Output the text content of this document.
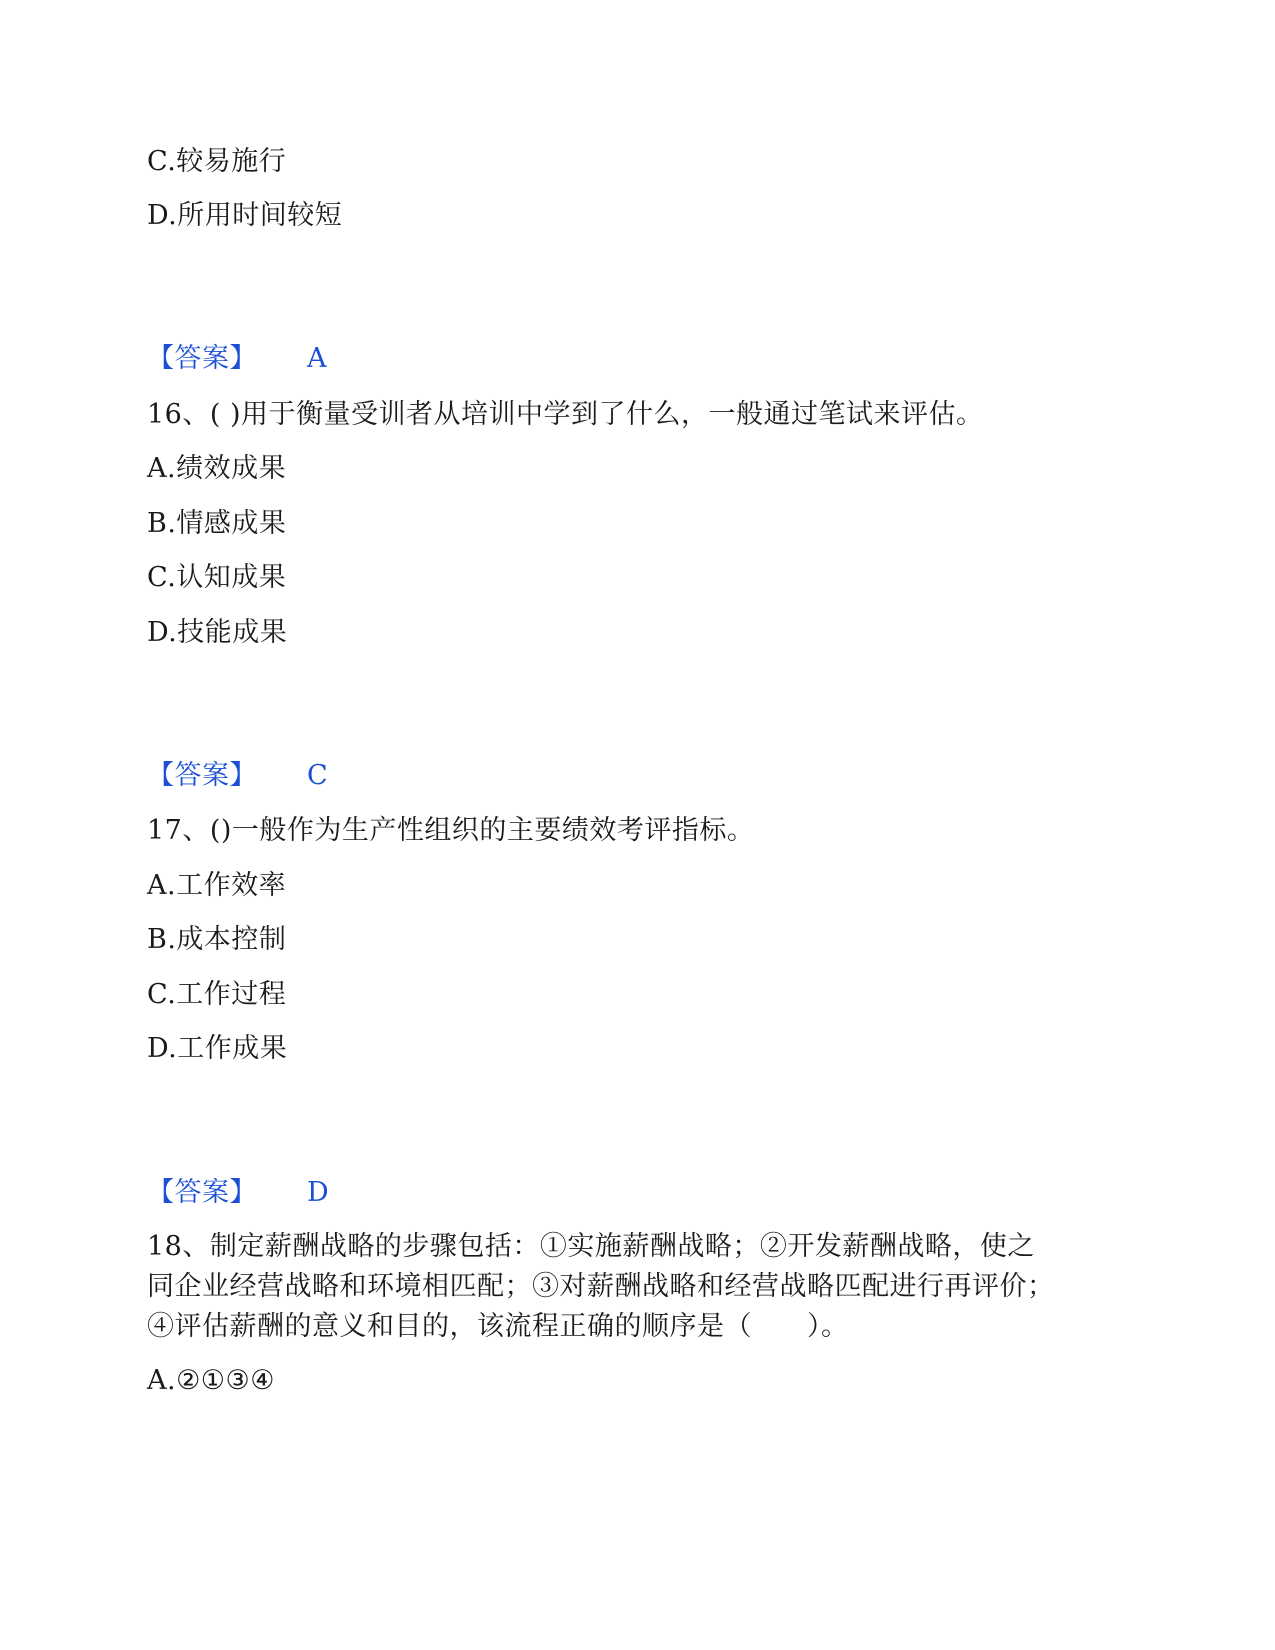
C.较易施行
D.所用时间较短
【答案】 A
16、( )用于衡量受训者从培训中学到了什么，一般通过笔试来评估。
A.绩效成果
B.情感成果
C.认知成果
D.技能成果
【答案】 C
17、()一般作为生产性组织的主要绩效考评指标。
A.工作效率
B.成本控制
C.工作过程
D.工作成果
【答案】 D
18、制定薪酬战略的步骤包括：①实施薪酬战略；②开发薪酬战略，使之
同企业经营战略和环境相匹配；③对薪酬战略和经营战略匹配进行再评价；
④评估薪酬的意义和目的，该流程正确的顺序是（　　）。
A.②①③④
